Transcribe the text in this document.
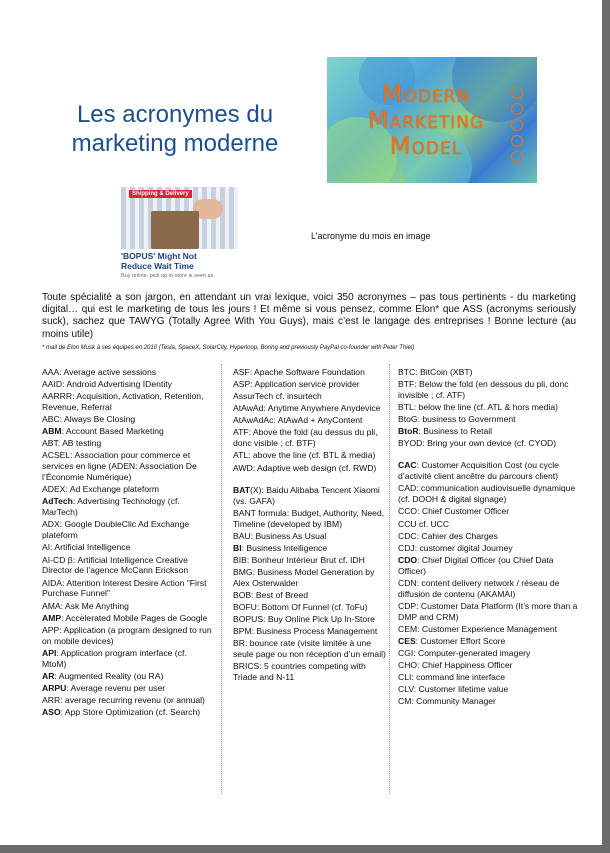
Les acronymes du
marketing moderne
Modern
Marketing
Model
Shipping & Delivery
'BOPUS' Might Not
Reduce Wait Time
Buy online, pick up in-store is seen as
L’acronyme du mois en image

Toute spécialité a son jargon, en attendant un vrai lexique, voici 350 acronymes – pas tous pertinents - du marketing digital… qui est le marketing de tous les jours ! Et même si vous pensez, comme Elon* que ASS (acronyms seriously suck), sachez que TAWYG (Totally Agree With You Guys), mais c’est le langage des entreprises ! Bonne lecture (au moins utile)

* mail de Elon Musk à ses équipes en 2010 (Tesla, SpaceX, SolarCity, Hyperloop, Boring and previously PayPal co-founder with Peter Thiel)
AAA: Average active sessions
AAID: Android Advertising IDentity
AARRR: Acquisition, Activation, Retention, Revenue, Referral
ABC: Always Be Closing
ABM: Account Based Marketing
ABT: AB testing
ACSEL: Association pour commerce et services en ligne (ADEN: Association De l’Économie Numérique)
ADEX: Ad Exchange plateform
AdTech: Advertising Technology (cf. MarTech)
ADX: Google DoubleClic Ad Exchange plateform
AI: Artificial Intelligence
AI-CD β: Artificial Intelligence Creative Director de l’agence McCann Erickson
AIDA: Attention Interest Desire Action "First Purchase Funnel"
AMA: Ask Me Anything
AMP: Accelerated Mobile Pages de Google
APP: Application (a program designed to run on mobile devices)
API: Application program interface (cf. MtoM)
AR: Augmented Reality (ou RA)
ARPU: Average revenu per user
ARR: average recurring revenu (or annual)
ASO: App Store Optimization (cf. Search)
ASF: Apache Software Foundation
ASP: Application service provider
AssurTech cf. insurtech
AtAwAd: Anytime Anywhere Anydevice
AtAwAdAc: AtAwAd + AnyContent
ATF: Above the fold (au dessus du pli, donc visible ; cf. BTF)
ATL: above the line (cf. BTL & media)
AWD: Adaptive web design (cf. RWD)
BAT(X): Baidu Alibaba Tencent Xiaomi (vs. GAFA)
BANT formula: Budget, Authority, Need, Timeline (developed by IBM)
BAU: Business As Usual
BI: Business Intelligence
BIB: Bonheur Intérieur Brut cf. IDH
BMG: Business Model Generation by Alex Osterwalder
BOB: Best of Breed
BOFU: Bottom Of Funnel (cf. ToFu)
BOPUS: Buy Online Pick Up In-Store
BPM: Business Process Management
BR: bounce rate (visite limitée à une seule page ou non réception d’un email)
BRICS: 5 countries competing with Triade and N-11
BTC: BitCoin (XBT)
BTF: Below the fold (en dessous du pli, donc invisible ; cf. ATF)
BTL: below the line (cf. ATL & hors media)
BtoG: business to Government
BtoR: Business to Retail
BYOD: Bring your own device (cf. CYOD)
CAC: Customer Acquisition Cost (ou cycle d’activité client ancêtre du parcours client)
CAD: communication audiovisuelle dynamique (cf. DOOH & digital signage)
CCO: Chief Customer Officer
CCU cf. UCC
CDC: Cahier des Charges
CDJ: customer digital Journey
CDO: Chief Digital Officer (ou Chief Data Officer)
CDN: content delivery network / réseau de diffusion de contenu (AKAMAI)
CDP: Customer Data Platform (It’s more than a DMP and CRM)
CEM: Customer Experience Management
CES: Customer Effort Score
CGI: Computer-generated imagery
CHO: Chief Happiness Officer
CLI: command line interface
CLV: Customer lifetime value
CM: Community Manager
